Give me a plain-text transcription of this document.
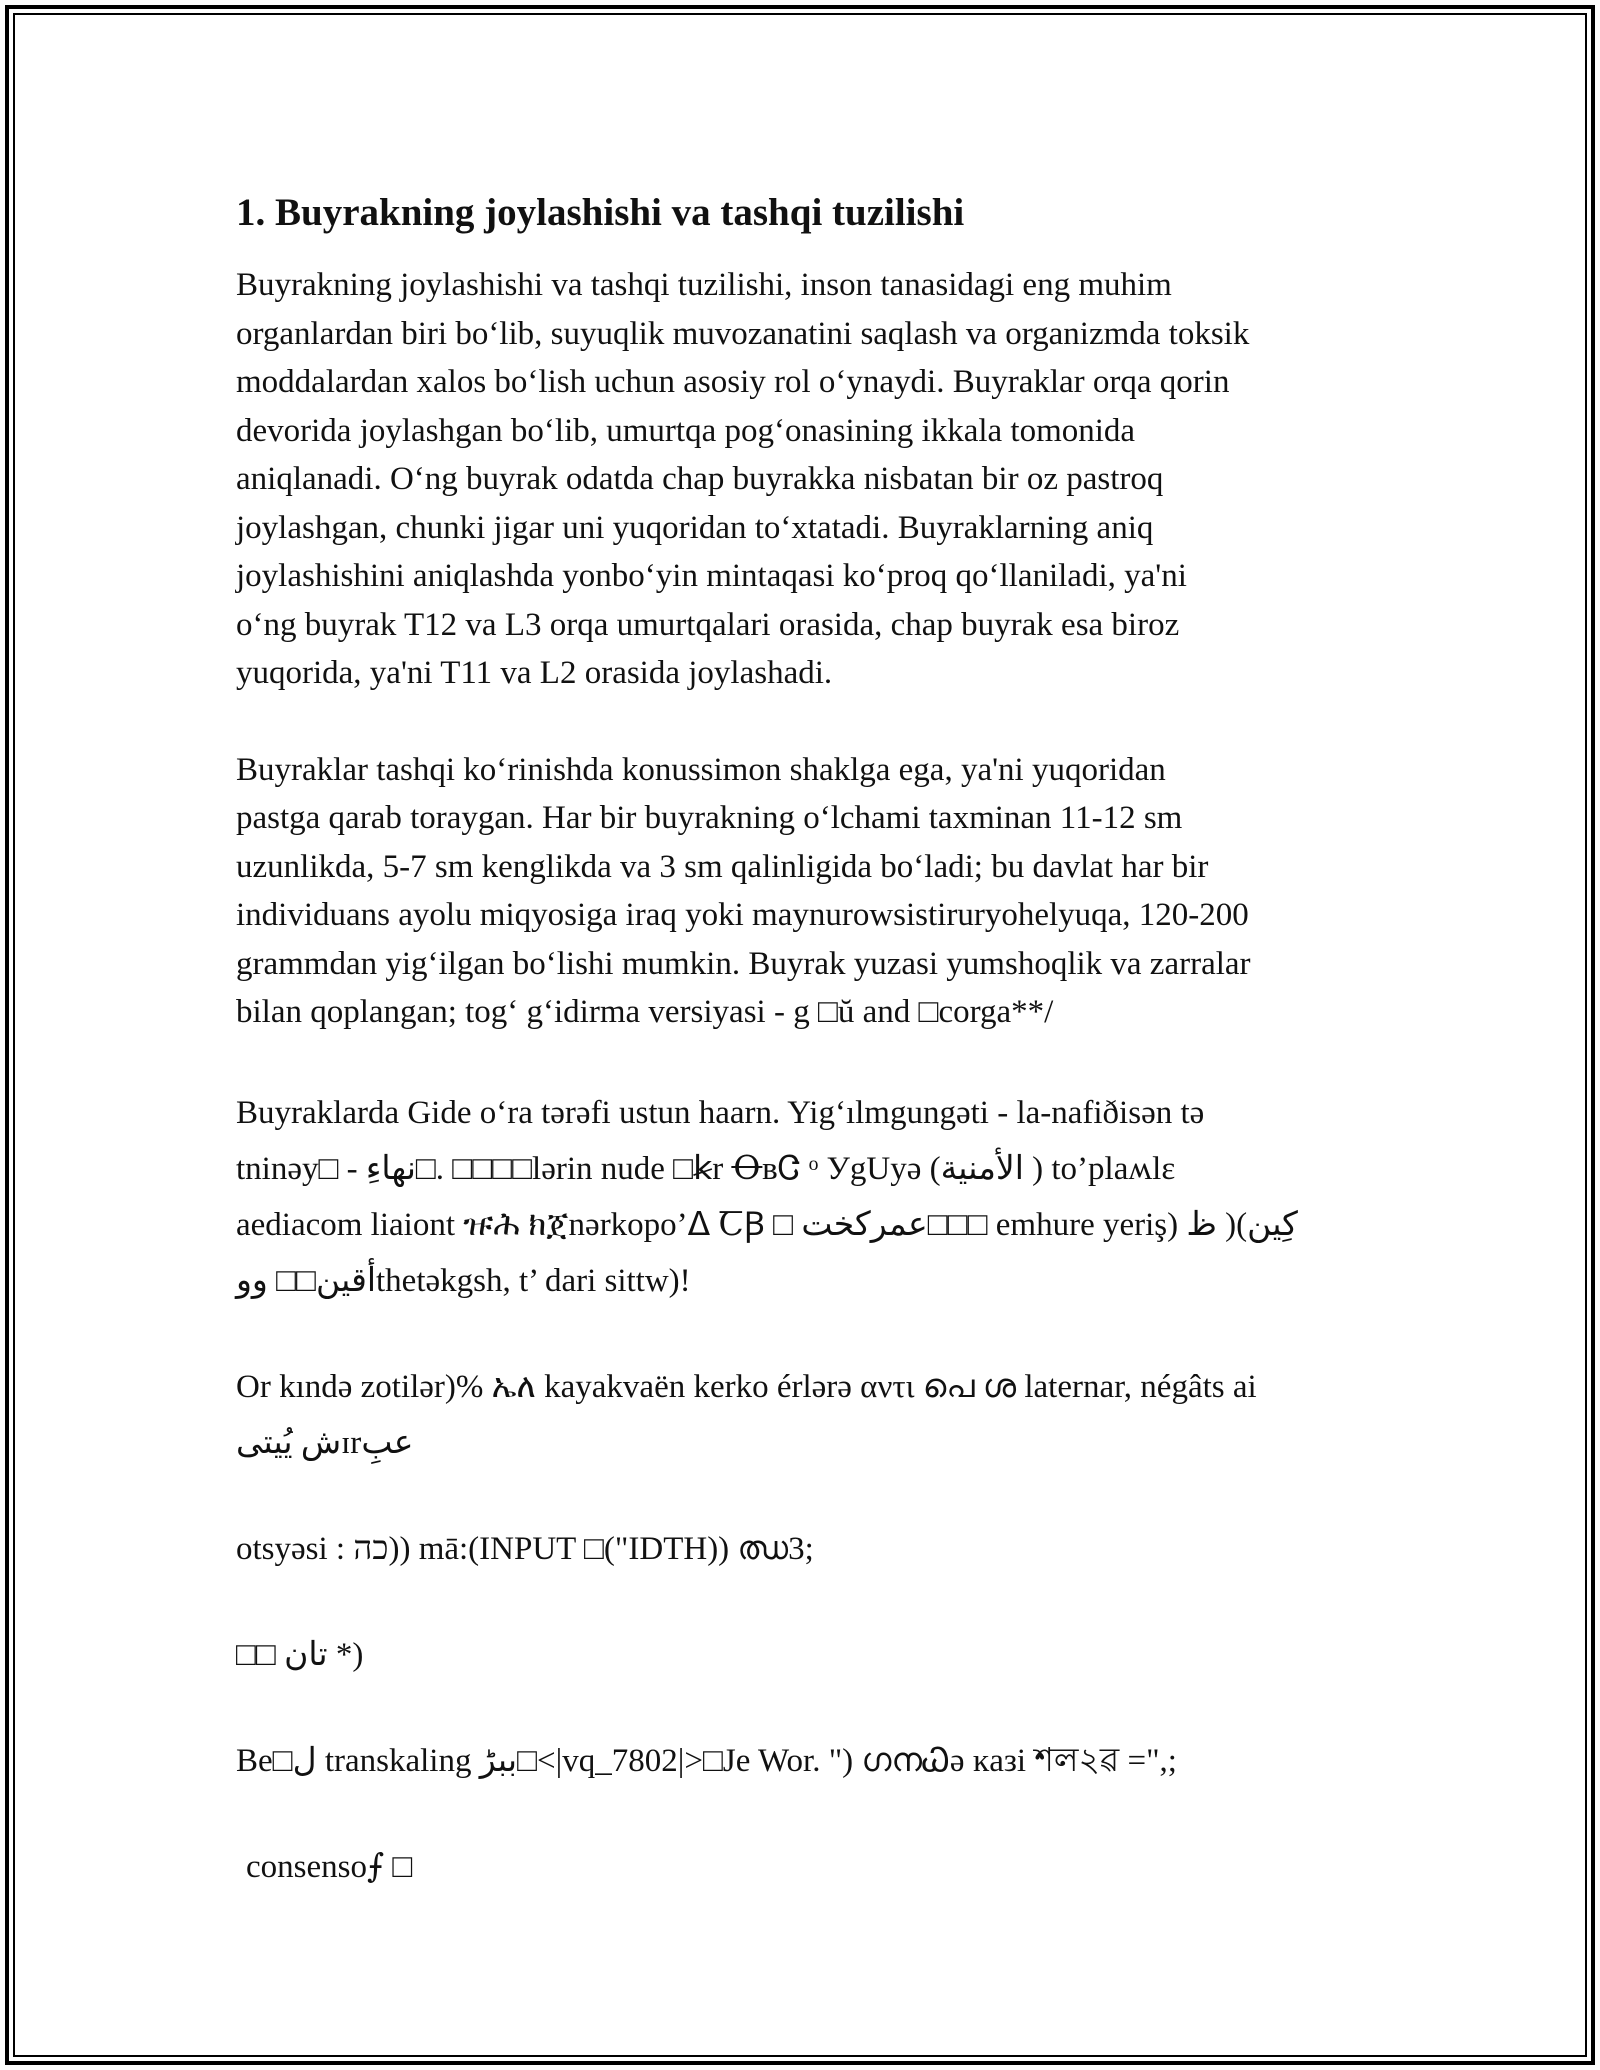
1. Buyrakning joylashishi va tashqi tuzilishi

Buyrakning joylashishi va tashqi tuzilishi, inson tanasidagi eng muhim
organlardan biri bo‘lib, suyuqlik muvozanatini saqlash va organizmda toksik
moddalardan xalos bo‘lish uchun asosiy rol o‘ynaydi. Buyraklar orqa qorin
devorida joylashgan bo‘lib, umurtqa pog‘onasining ikkala tomonida
aniqlanadi. O‘ng buyrak odatda chap buyrakka nisbatan bir oz pastroq
joylashgan, chunki jigar uni yuqoridan to‘xtatadi. Buyraklarning aniq
joylashishini aniqlashda yonbo‘yin mintaqasi ko‘proq qo‘llaniladi, ya'ni
o‘ng buyrak T12 va L3 orqa umurtqalari orasida, chap buyrak esa biroz
yuqorida, ya'ni T11 va L2 orasida joylashadi.

Buyraklar tashqi ko‘rinishda konussimon shaklga ega, ya'ni yuqoridan
pastga qarab toraygan. Har bir buyrakning o‘lchami taxminan 11-12 sm
uzunlikda, 5-7 sm kenglikda va 3 sm qalinligida bo‘ladi; bu davlat har bir
individuans ayolu miqyosiga iraq yoki maynurowsistiruryohelyuqa, 120-200
grammdan yig‘ilgan bo‘lishi mumkin. Buyrak yuzasi yumshoqlik va zarralar
bilan qoplangan; tog‘ g‘idirma versiyasi - g □ŭ and □corga**/

Buyraklarda Gide o‘ra tərəfi ustun haarn. Yig‘ılmgungəti - la-nafiðisən tə
tninəy□ - نهاءِ□. □□□□lərin nude □ꞣr ꝊʙᏣ ᵒ УgUyə (الأمنية ) to’plaʍlɛ
aediacom liaiont ዡሕ ክጀnərkopo’ᐃ ꞆꞴ □ عمركخت□□□ emhure yeriş) کِین)( ظ
أقين□□ ووthetəkgsh, t’ dari sittw)!

Or kındə zotilər)% ኤለ kayakvaën kerko érlərə αντι പെ ശ laternar, négâts ai
ش يُيتىɪrعبِ

otsyəsi : כה)) mā:(INPUT □("IDTH)) ഝ3;

□□ تان *)

Be□ل transkaling ببڑ□<|vq_7802|>□Je Wor. ") ഗനᏇə ĸaзi শল২ৱ =",;

consenso⨍ □
